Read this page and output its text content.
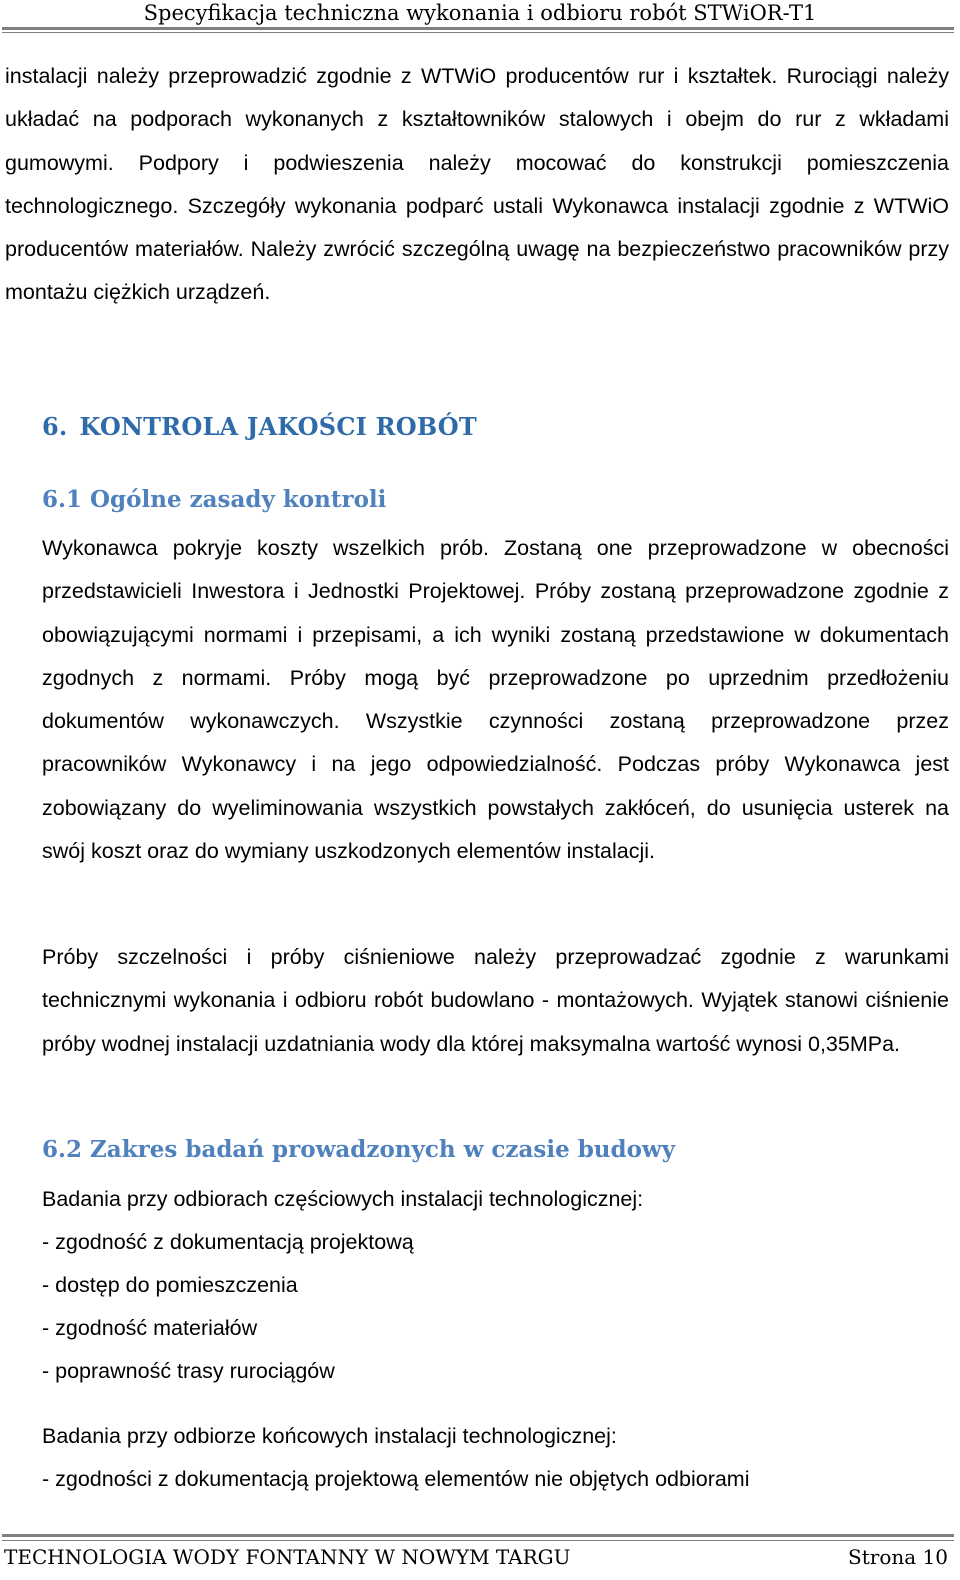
Specyfikacja techniczna wykonania i odbioru robót STWiOR-T1

instalacji należy przeprowadzić zgodnie z WTWiO producentów rur i kształtek. Rurociągi należy układać na podporach wykonanych z kształtowników stalowych i obejm do rur z wkładami gumowymi. Podpory i podwieszenia należy mocować do konstrukcji pomieszczenia technologicznego. Szczegóły wykonania podparć ustali Wykonawca instalacji zgodnie z WTWiO producentów materiałów. Należy zwrócić szczególną uwagę na bezpieczeństwo pracowników przy montażu ciężkich urządzeń.

6. KONTROLA JAKOŚCI ROBÓT
6.1 Ogólne zasady kontroli

Wykonawca pokryje koszty wszelkich prób. Zostaną one przeprowadzone w obecności przedstawicieli Inwestora i Jednostki Projektowej. Próby zostaną przeprowadzone zgodnie z obowiązującymi normami i przepisami, a ich wyniki zostaną przedstawione w dokumentach zgodnych z normami. Próby mogą być przeprowadzone po uprzednim przedłożeniu dokumentów wykonawczych. Wszystkie czynności zostaną przeprowadzone przez pracowników Wykonawcy i na jego odpowiedzialność. Podczas próby Wykonawca jest zobowiązany do wyeliminowania wszystkich powstałych zakłóceń, do usunięcia usterek na swój koszt oraz do wymiany uszkodzonych elementów instalacji.

Próby szczelności i próby ciśnieniowe należy przeprowadzać zgodnie z warunkami technicznymi wykonania i odbioru robót budowlano - montażowych. Wyjątek stanowi ciśnienie próby wodnej instalacji uzdatniania wody dla której maksymalna wartość wynosi 0,35MPa.

6.2 Zakres badań prowadzonych w czasie budowy
Badania przy odbiorach częściowych instalacji technologicznej:
- zgodność z dokumentacją projektową
- dostęp do pomieszczenia
- zgodność materiałów
- poprawność trasy rurociągów
Badania przy odbiorze końcowych instalacji technologicznej:
- zgodności z dokumentacją projektową elementów nie objętych odbiorami
TECHNOLOGIA WODY FONTANNY W NOWYM TARGU	Strona 10
